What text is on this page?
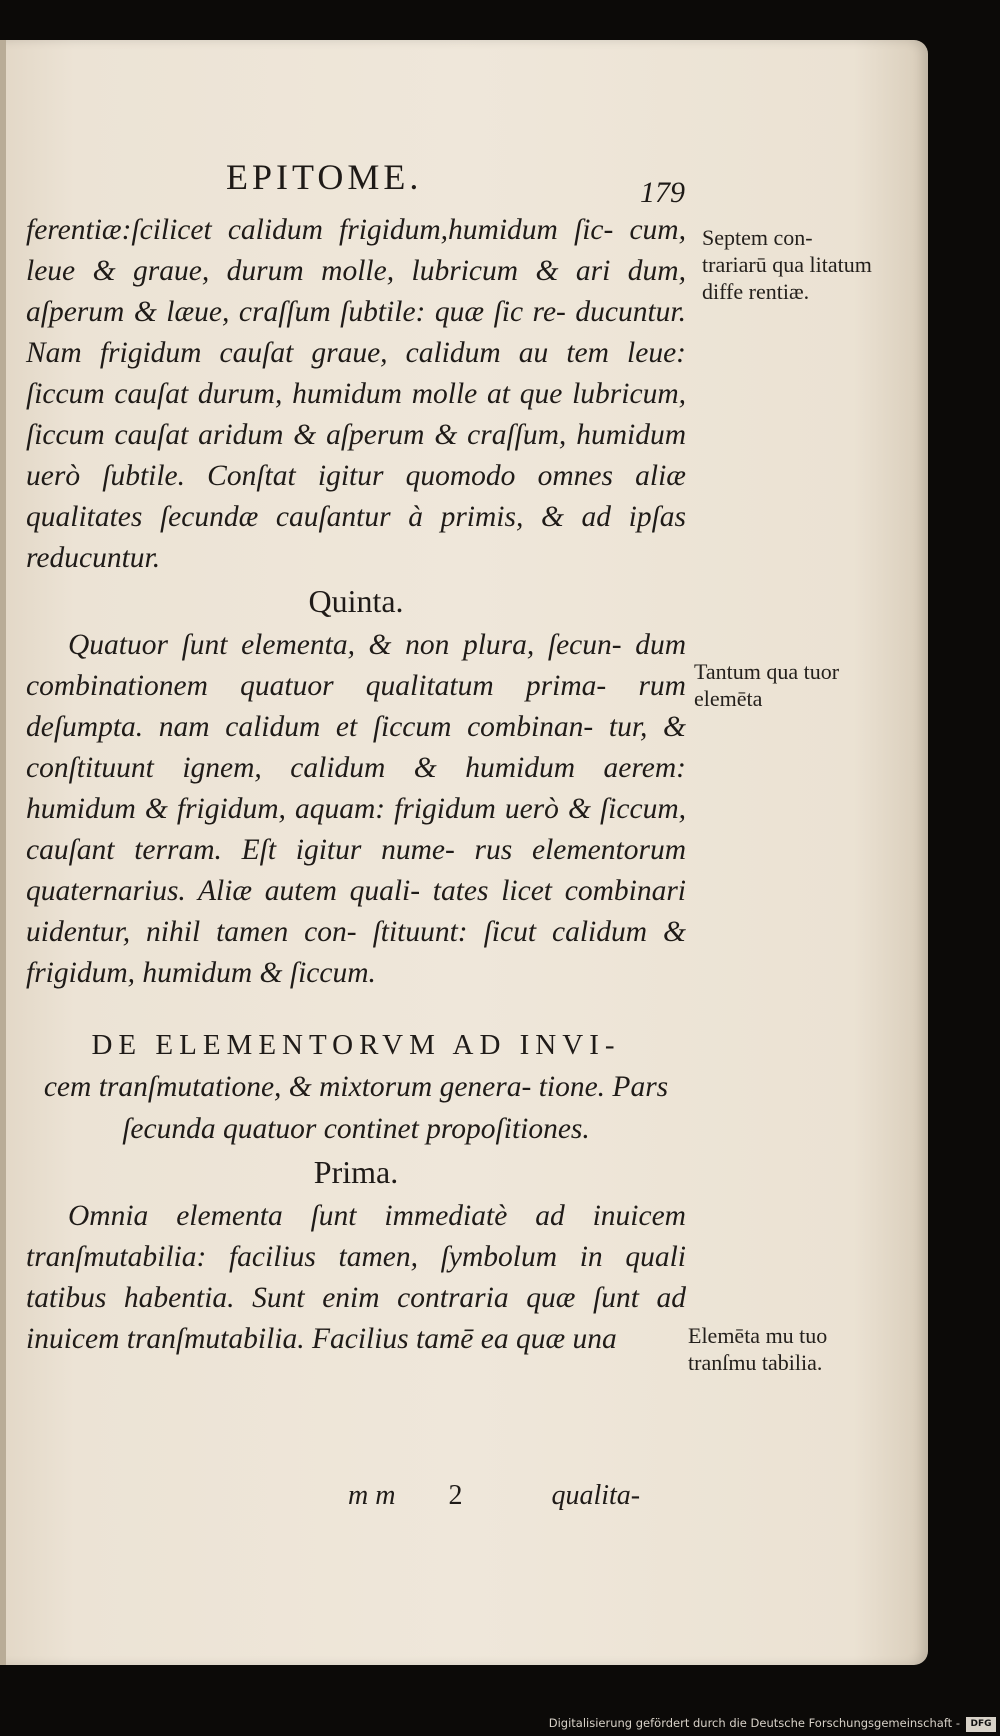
EPITOME.	179

ferentiæ:ſcilicet calidum frigidum,humidum ſic- cum, leue & graue, durum molle, lubricum & ari dum, aſperum & læue, craſſum ſubtile: quæ ſic re- ducuntur. Nam frigidum cauſat graue, calidum au tem leue: ſiccum cauſat durum, humidum molle at que lubricum, ſiccum cauſat aridum & aſperum & craſſum, humidum uerò ſubtile. Conſtat igitur quomodo omnes aliæ qualitates ſecundæ cauſantur à primis, & ad ipſas reducuntur.

Quinta.

Quatuor ſunt elementa, & non plura, ſecun- dum combinationem quatuor qualitatum prima- rum deſumpta. nam calidum et ſiccum combinan- tur, & conſtituunt ignem, calidum & humidum aerem: humidum & frigidum, aquam: frigidum uerò & ſiccum, cauſant terram. Eſt igitur nume- rus elementorum quaternarius. Aliæ autem quali- tates licet combinari uidentur, nihil tamen con- ſtituunt: ſicut calidum & frigidum, humidum & ſiccum.

DE ELEMENTORVM AD INVI-
cem tranſmutatione, & mixtorum genera- tione. Pars ſecunda quatuor continet propoſitiones.
Prima.

Omnia elementa ſunt immediatè ad inuicem tranſmutabilia: facilius tamen, ſymbolum in quali tatibus habentia. Sunt enim contraria quæ ſunt ad inuicem tranſmutabilia. Facilius tamē ea quæ una

m m 2	qualita-
Septem con- trariarū qua litatum diffe rentiæ.
Tantum qua tuor elemēta
Elemēta mu tuo tranſmu tabilia.
Digitalisierung gefördert durch die Deutsche Forschungsgemeinschaft -	DFG
